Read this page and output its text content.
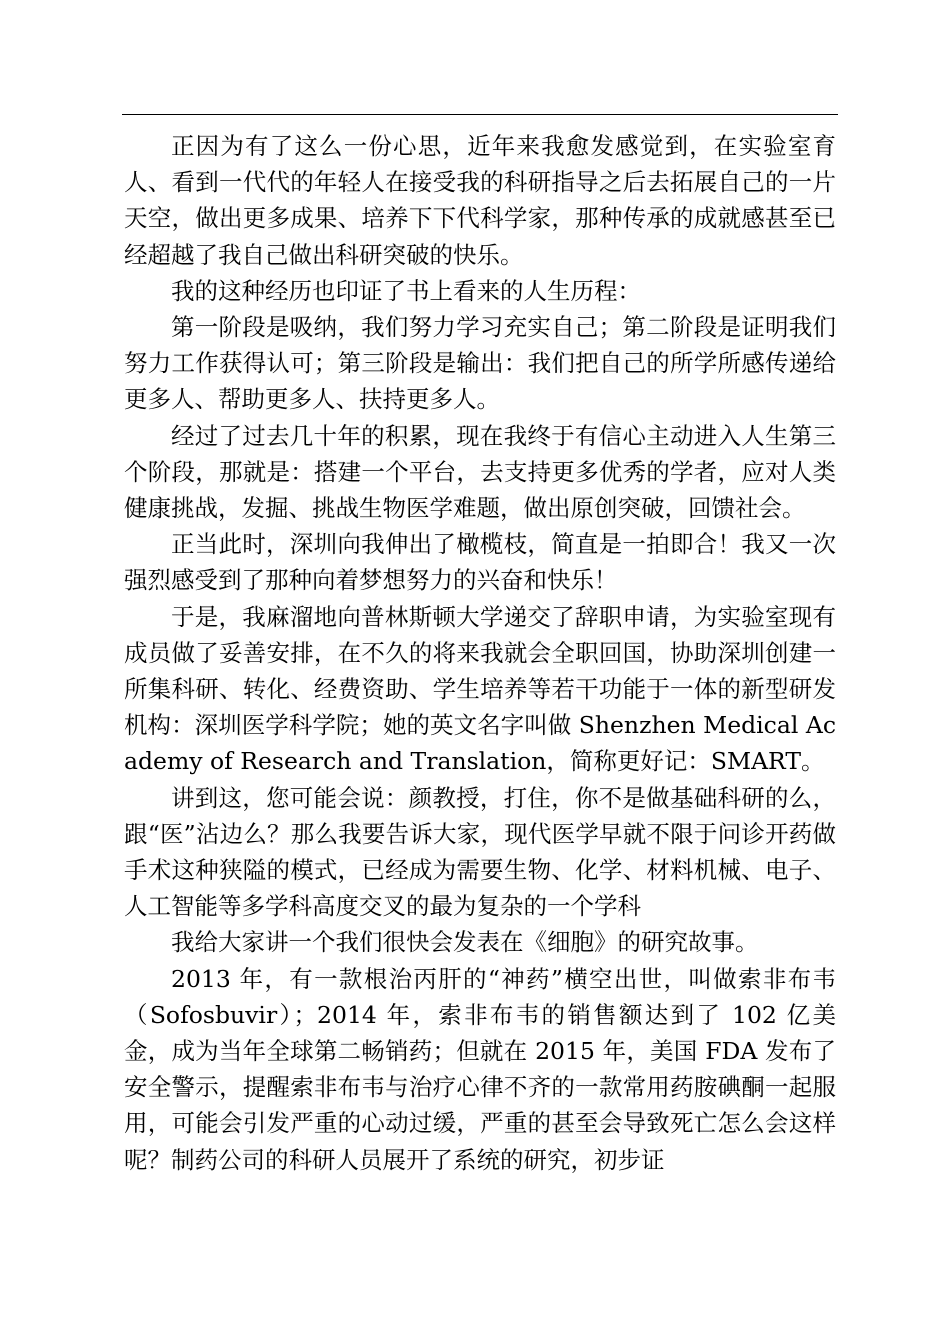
正因为有了这么一份心思，近年来我愈发感觉到，在实验室育人、看到一代代的年轻人在接受我的科研指导之后去拓展自己的一片天空，做出更多成果、培养下下代科学家，那种传承的成就感甚至已经超越了我自己做出科研突破的快乐。

我的这种经历也印证了书上看来的人生历程：

第一阶段是吸纳，我们努力学习充实自己；第二阶段是证明我们努力工作获得认可；第三阶段是输出：我们把自己的所学所感传递给更多人、帮助更多人、扶持更多人。

经过了过去几十年的积累，现在我终于有信心主动进入人生第三个阶段，那就是：搭建一个平台，去支持更多优秀的学者，应对人类健康挑战，发掘、挑战生物医学难题，做出原创突破，回馈社会。

正当此时，深圳向我伸出了橄榄枝，简直是一拍即合！我又一次强烈感受到了那种向着梦想努力的兴奋和快乐！

于是，我麻溜地向普林斯顿大学递交了辞职申请，为实验室现有成员做了妥善安排，在不久的将来我就会全职回国，协助深圳创建一所集科研、转化、经费资助、学生培养等若干功能于一体的新型研发机构：深圳医学科学院；她的英文名字叫做 Shenzhen Medical Academy of Research and Translation，简称更好记：SMART。

讲到这，您可能会说：颜教授，打住，你不是做基础科研的么，跟“医”沾边么？那么我要告诉大家，现代医学早就不限于问诊开药做手术这种狭隘的模式，已经成为需要生物、化学、材料机械、电子、人工智能等多学科高度交叉的最为复杂的一个学科

我给大家讲一个我们很快会发表在《细胞》的研究故事。

2013 年，有一款根治丙肝的“神药”横空出世，叫做索非布韦（Sofosbuvir）；2014 年，索非布韦的销售额达到了 102 亿美金，成为当年全球第二畅销药；但就在 2015 年，美国 FDA 发布了安全警示，提醒索非布韦与治疗心律不齐的一款常用药胺碘酮一起服用，可能会引发严重的心动过缓，严重的甚至会导致死亡怎么会这样呢？制药公司的科研人员展开了系统的研究，初步证
